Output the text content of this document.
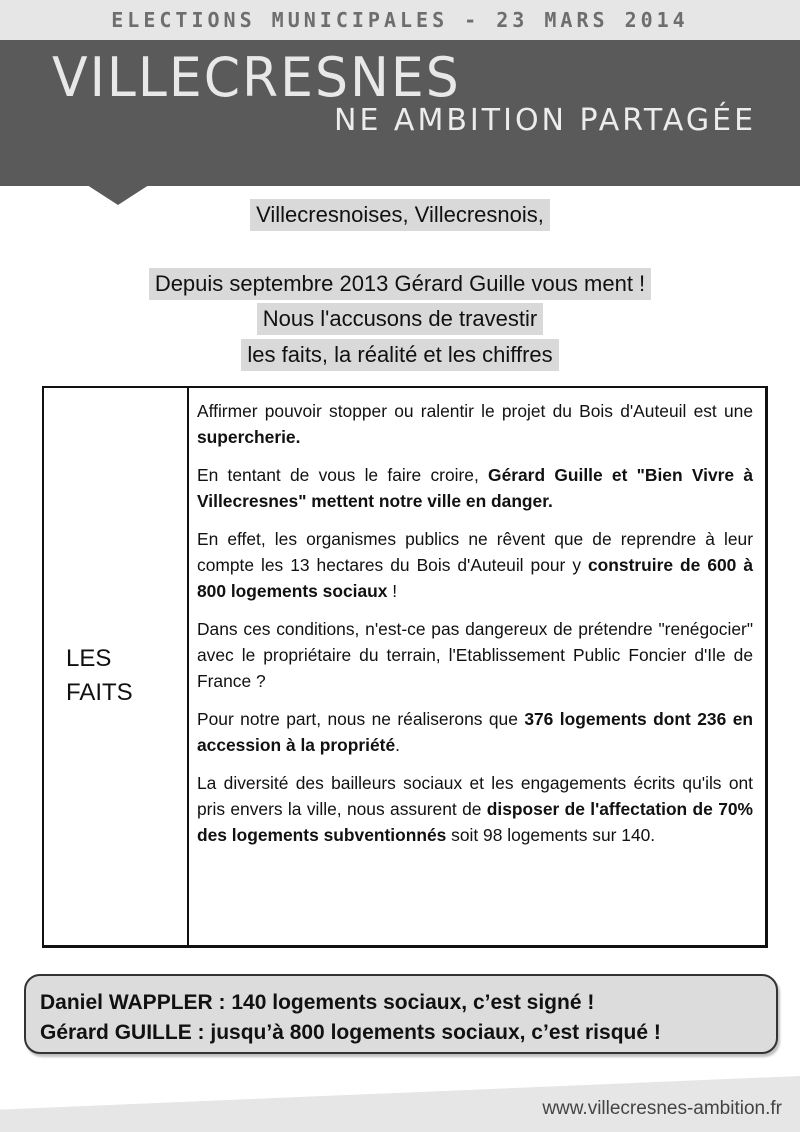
ELECTIONS MUNICIPALES - 23 MARS 2014
VILLECRESNES
NE AMBITION PARTAGÉE
Villecresnoises, Villecresnois,
Depuis septembre 2013 Gérard Guille vous ment !
Nous l'accusons de travestir
les faits, la réalité et les chiffres
LES
FAITS

Affirmer pouvoir stopper ou ralentir le projet du Bois d'Auteuil est une supercherie.

En tentant de vous le faire croire, Gérard Guille et "Bien Vivre à Villecresnes" mettent notre ville en danger.

En effet, les organismes publics ne rêvent que de reprendre à leur compte les 13 hectares du Bois d'Auteuil pour y construire de 600 à 800 logements sociaux !

Dans ces conditions, n'est-ce pas dangereux de prétendre "renégocier" avec le propriétaire du terrain, l'Etablissement Public Foncier d'Ile de France ?

Pour notre part, nous ne réaliserons que 376 logements dont 236 en accession à la propriété.

La diversité des bailleurs sociaux et les engagements écrits qu'ils ont pris envers la ville, nous assurent de disposer de l'affectation de 70% des logements subventionnés soit 98 logements sur 140.

Daniel WAPPLER : 140 logements sociaux, c’est signé !
Gérard GUILLE : jusqu’à 800 logements sociaux, c’est risqué !
www.villecresnes-ambition.fr
